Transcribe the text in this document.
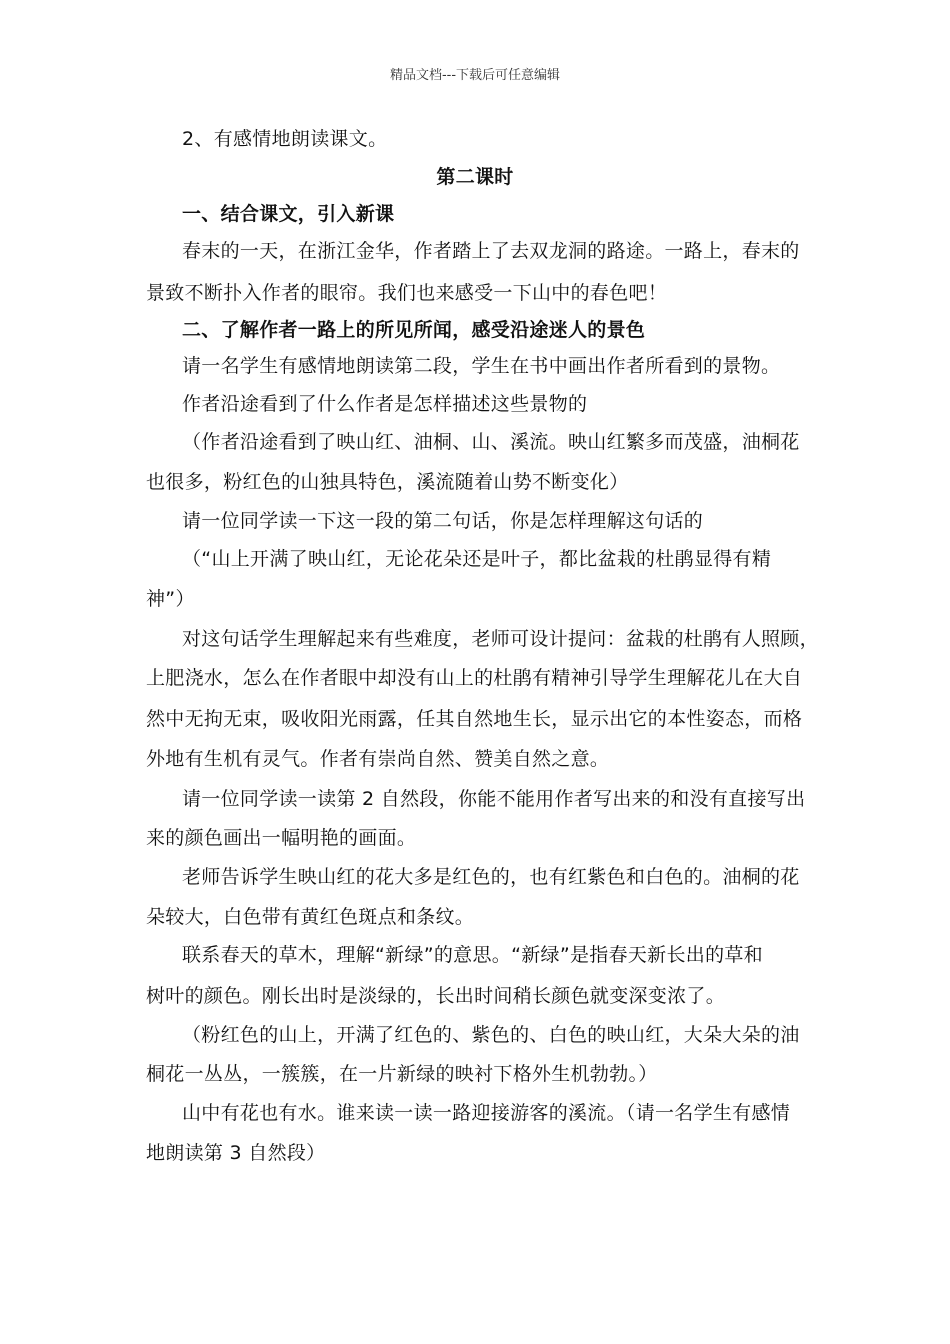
精品文档---下载后可任意编辑
2、有感情地朗读课文。
第二课时
一、结合课文，引入新课
春末的一天，在浙江金华，作者踏上了去双龙洞的路途。一路上，春末的
景致不断扑入作者的眼帘。我们也来感受一下山中的春色吧！
二、了解作者一路上的所见所闻，感受沿途迷人的景色
请一名学生有感情地朗读第二段，学生在书中画出作者所看到的景物。
作者沿途看到了什么作者是怎样描述这些景物的
（作者沿途看到了映山红、油桐、山、溪流。映山红繁多而茂盛，油桐花
也很多，粉红色的山独具特色，溪流随着山势不断变化）
请一位同学读一下这一段的第二句话，你是怎样理解这句话的
（“山上开满了映山红，无论花朵还是叶子，都比盆栽的杜鹃显得有精
神”）
对这句话学生理解起来有些难度，老师可设计提问：盆栽的杜鹃有人照顾，
上肥浇水，怎么在作者眼中却没有山上的杜鹃有精神引导学生理解花儿在大自
然中无拘无束，吸收阳光雨露，任其自然地生长，显示出它的本性姿态，而格
外地有生机有灵气。作者有崇尚自然、赞美自然之意。
请一位同学读一读第 2 自然段，你能不能用作者写出来的和没有直接写出
来的颜色画出一幅明艳的画面。
老师告诉学生映山红的花大多是红色的，也有红紫色和白色的。油桐的花
朵较大，白色带有黄红色斑点和条纹。
联系春天的草木，理解“新绿”的意思。“新绿”是指春天新长出的草和
树叶的颜色。刚长出时是淡绿的，长出时间稍长颜色就变深变浓了。
（粉红色的山上，开满了红色的、紫色的、白色的映山红，大朵大朵的油
桐花一丛丛，一簇簇，在一片新绿的映衬下格外生机勃勃。）
山中有花也有水。谁来读一读一路迎接游客的溪流。（请一名学生有感情
地朗读第 3 自然段）
